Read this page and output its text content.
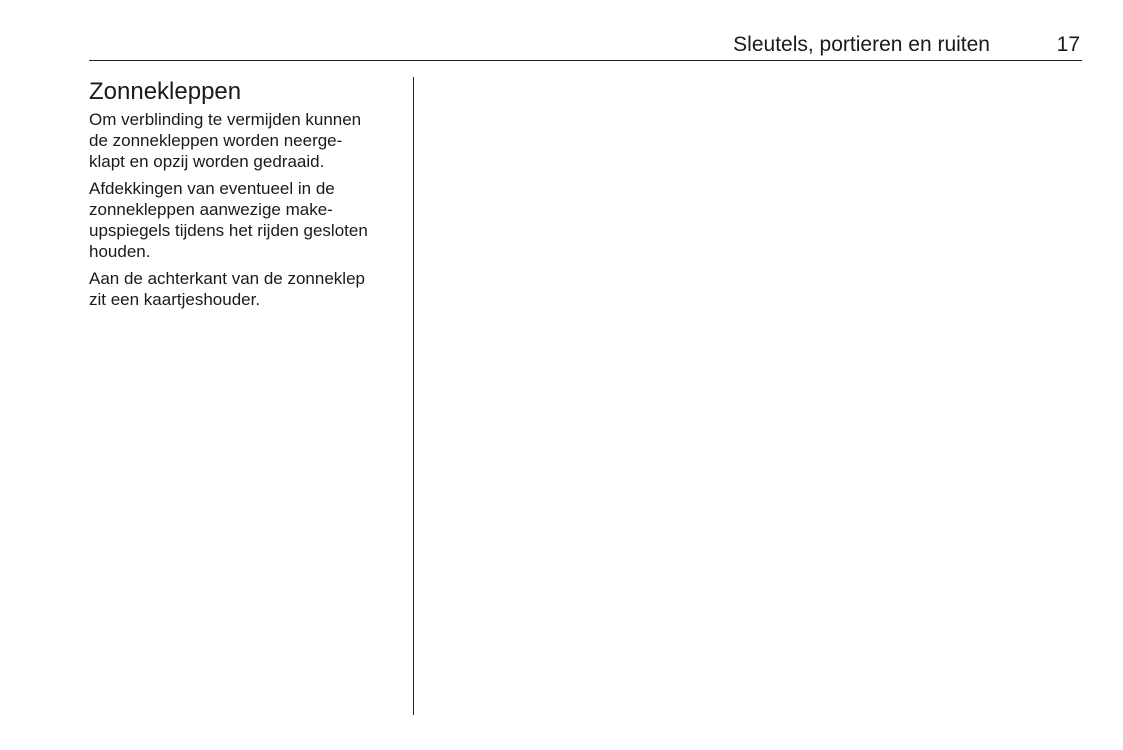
Sleutels, portieren en ruiten	17
Zonnekleppen

Om verblinding te vermijden kunnen
de zonnekleppen worden neerge-
klapt en opzij worden gedraaid.

Afdekkingen van eventueel in de
zonnekleppen aanwezige make-
upspiegels tijdens het rijden gesloten
houden.

Aan de achterkant van de zonneklep
zit een kaartjeshouder.
